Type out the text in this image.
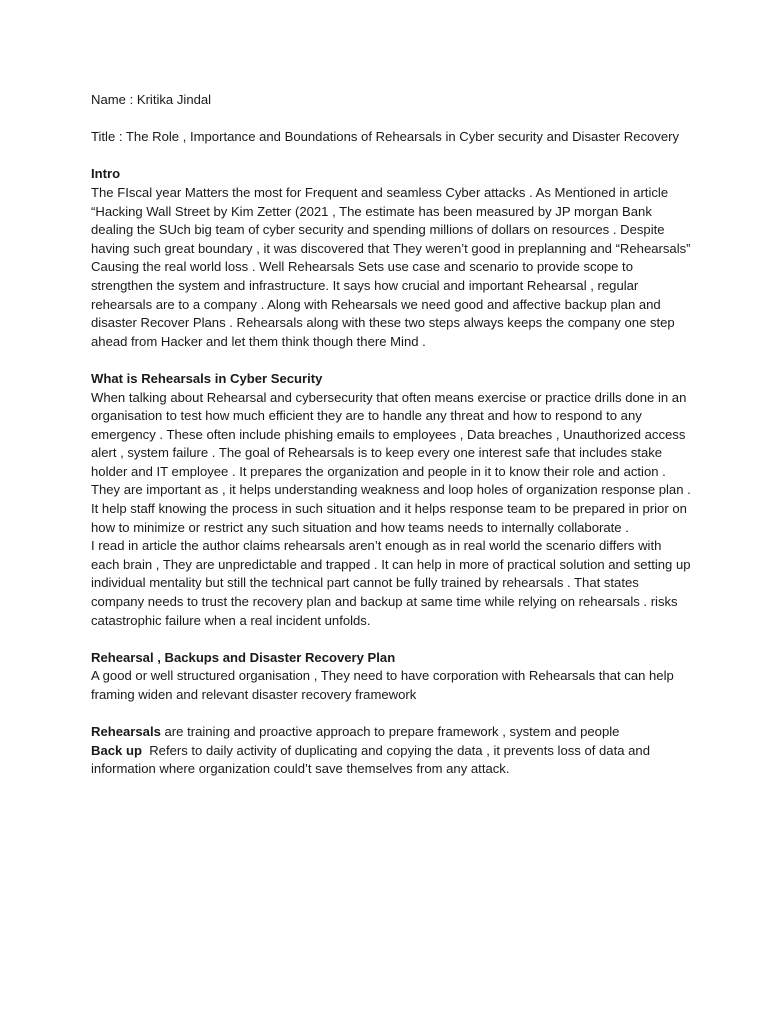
Name : Kritika Jindal

Title : The Role , Importance and Boundations of Rehearsals in Cyber security and Disaster Recovery

Intro

The FIscal year Matters the most for Frequent and seamless Cyber attacks . As Mentioned in article “Hacking Wall Street by Kim Zetter (2021 , The estimate has been measured by JP morgan Bank dealing the SUch big team of cyber security and spending millions of dollars on resources . Despite having such great boundary , it was discovered that They weren’t good in preplanning and “Rehearsals” Causing the real world loss . Well Rehearsals Sets use case and scenario to provide scope to strengthen the system and infrastructure. It says how crucial and important Rehearsal , regular rehearsals are to a company . Along with Rehearsals we need good and affective backup plan and disaster Recover Plans . Rehearsals along with these two steps always keeps the company one step ahead from Hacker and let them think though there Mind .

What is Rehearsals in Cyber Security

When talking about Rehearsal and cybersecurity that often means exercise or practice drills done in an organisation to test how much efficient they are to handle any threat and how to respond to any emergency . These often include phishing emails to employees , Data breaches , Unauthorized access alert , system failure . The goal of Rehearsals is to keep every one interest safe that includes stake holder and IT employee . It prepares the organization and people in it to know their role and action .

They are important as , it helps understanding weakness and loop holes of organization response plan . It help staff knowing the process in such situation and it helps response team to be prepared in prior on how to minimize or restrict any such situation and how teams needs to internally collaborate .

I read in article the author claims rehearsals aren’t enough as in real world the scenario differs with each brain , They are unpredictable and trapped . It can help in more of practical solution and setting up individual mentality but still the technical part cannot be fully trained by rehearsals . That states company needs to trust the recovery plan and backup at same time while relying on rehearsals . risks catastrophic failure when a real incident unfolds.

Rehearsal , Backups and Disaster Recovery Plan

A good or well structured organisation , They need to have corporation with Rehearsals that can help framing widen and relevant disaster recovery framework

Rehearsals are training and proactive approach to prepare framework , system and people

Back up  Refers to daily activity of duplicating and copying the data , it prevents loss of data and information where organization could’t save themselves from any attack.
